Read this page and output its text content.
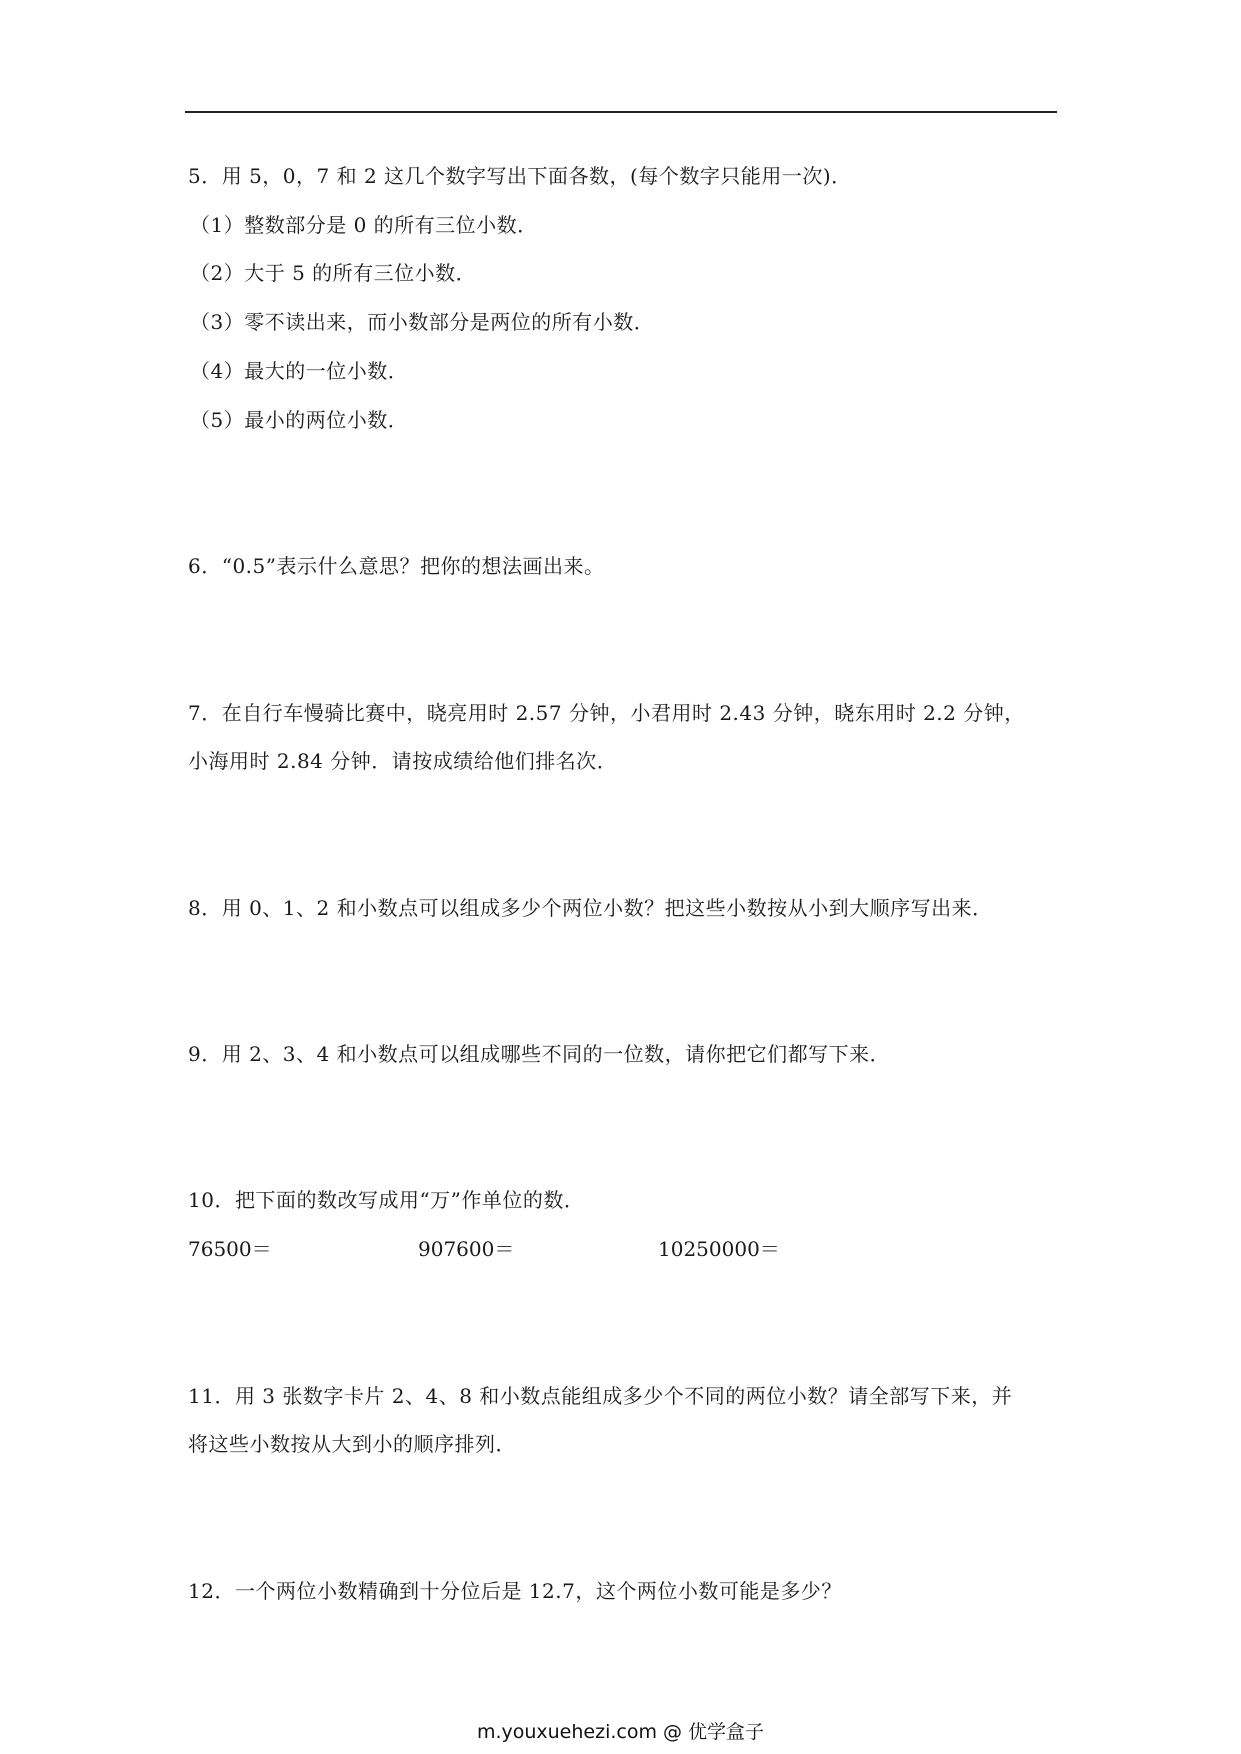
5．用 5，0，7 和 2 这几个数字写出下面各数，(每个数字只能用一次)．
（1）整数部分是 0 的所有三位小数．
（2）大于 5 的所有三位小数．
（3）零不读出来，而小数部分是两位的所有小数．
（4）最大的一位小数．
（5）最小的两位小数．
6．“0.5”表示什么意思？把你的想法画出来。
7．在自行车慢骑比赛中，晓亮用时 2.57 分钟，小君用时 2.43 分钟，晓东用时 2.2 分钟，
小海用时 2.84 分钟．请按成绩给他们排名次．
8．用 0、1、2 和小数点可以组成多少个两位小数？把这些小数按从小到大顺序写出来．
9．用 2、3、4 和小数点可以组成哪些不同的一位数，请你把它们都写下来．
10．把下面的数改写成用“万”作单位的数．
76500＝	907600＝	10250000＝
11．用 3 张数字卡片 2、4、8 和小数点能组成多少个不同的两位小数？请全部写下来，并
将这些小数按从大到小的顺序排列．
12．一个两位小数精确到十分位后是 12.7，这个两位小数可能是多少？
m.youxuehezi.com @ 优学盒子
